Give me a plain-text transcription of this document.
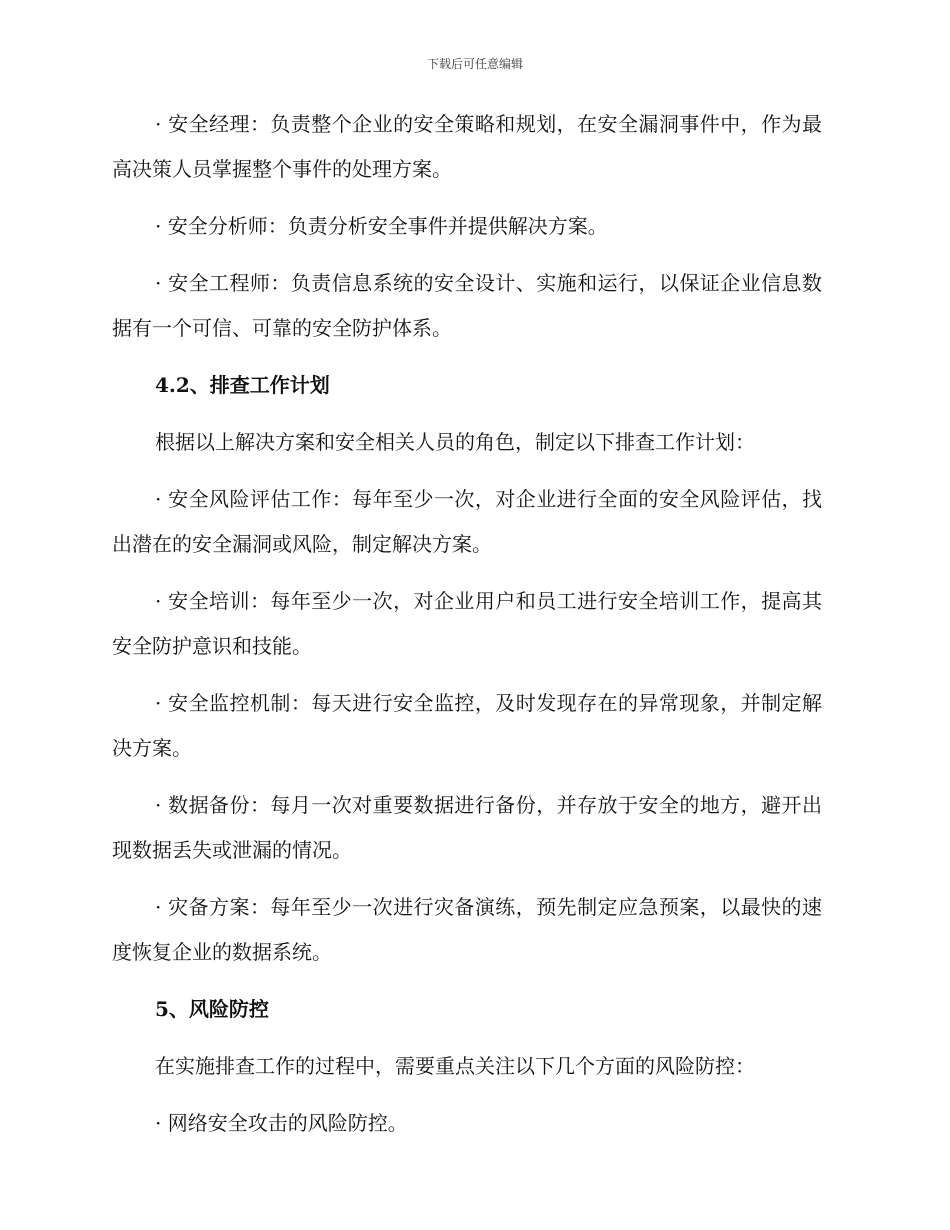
下载后可任意编辑

· 安全经理：负责整个企业的安全策略和规划，在安全漏洞事件中，作为最高决策人员掌握整个事件的处理方案。

· 安全分析师：负责分析安全事件并提供解决方案。

· 安全工程师：负责信息系统的安全设计、实施和运行，以保证企业信息数据有一个可信、可靠的安全防护体系。

4.2、排查工作计划

根据以上解决方案和安全相关人员的角色，制定以下排查工作计划：

· 安全风险评估工作：每年至少一次，对企业进行全面的安全风险评估，找出潜在的安全漏洞或风险，制定解决方案。

· 安全培训：每年至少一次，对企业用户和员工进行安全培训工作，提高其安全防护意识和技能。

· 安全监控机制：每天进行安全监控，及时发现存在的异常现象，并制定解决方案。

· 数据备份：每月一次对重要数据进行备份，并存放于安全的地方，避开出现数据丢失或泄漏的情况。

· 灾备方案：每年至少一次进行灾备演练，预先制定应急预案，以最快的速度恢复企业的数据系统。

5、风险防控

在实施排查工作的过程中，需要重点关注以下几个方面的风险防控：

· 网络安全攻击的风险防控。
